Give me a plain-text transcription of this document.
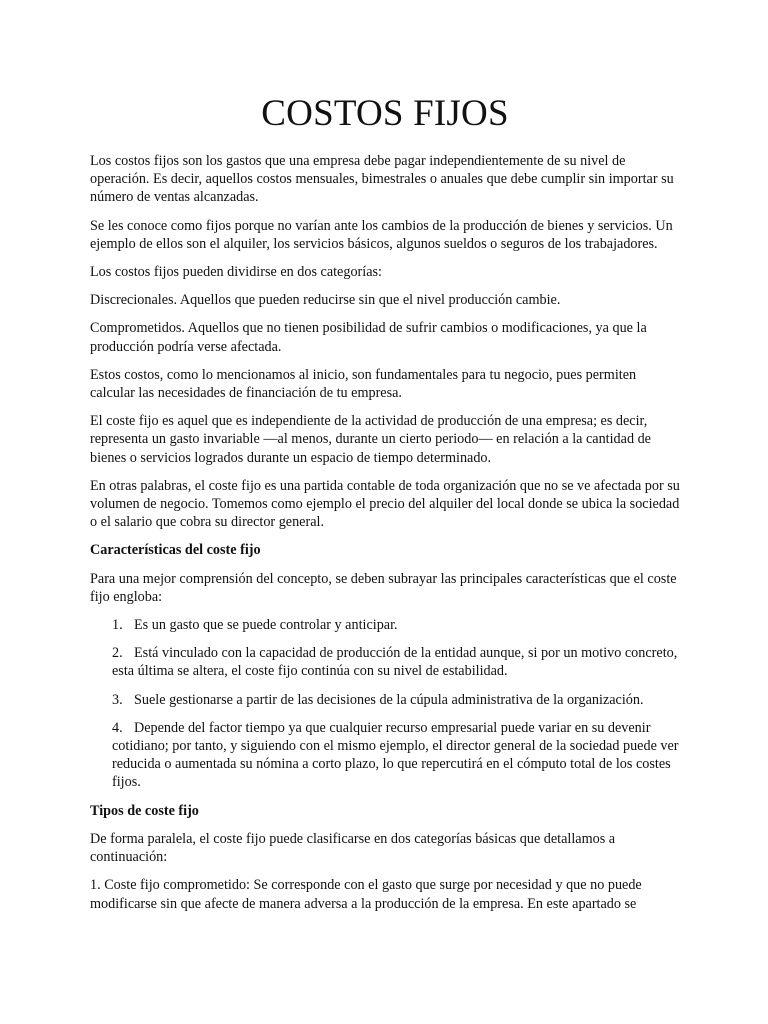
COSTOS FIJOS

Los costos fijos son los gastos que una empresa debe pagar independientemente de su nivel de operación. Es decir, aquellos costos mensuales, bimestrales o anuales que debe cumplir sin importar su número de ventas alcanzadas.

Se les conoce como fijos porque no varían ante los cambios de la producción de bienes y servicios. Un ejemplo de ellos son el alquiler, los servicios básicos, algunos sueldos o seguros de los trabajadores.

Los costos fijos pueden dividirse en dos categorías:

Discrecionales. Aquellos que pueden reducirse sin que el nivel producción cambie.

Comprometidos. Aquellos que no tienen posibilidad de sufrir cambios o modificaciones, ya que la producción podría verse afectada.

Estos costos, como lo mencionamos al inicio, son fundamentales para tu negocio, pues permiten calcular las necesidades de financiación de tu empresa.

El coste fijo es aquel que es independiente de la actividad de producción de una empresa; es decir, representa un gasto invariable —al menos, durante un cierto periodo— en relación a la cantidad de bienes o servicios logrados durante un espacio de tiempo determinado.

En otras palabras, el coste fijo es una partida contable de toda organización que no se ve afectada por su volumen de negocio. Tomemos como ejemplo el precio del alquiler del local donde se ubica la sociedad o el salario que cobra su director general.

Características del coste fijo

Para una mejor comprensión del concepto, se deben subrayar las principales características que el coste fijo engloba:

1. Es un gasto que se puede controlar y anticipar.
2. Está vinculado con la capacidad de producción de la entidad aunque, si por un motivo concreto, esta última se altera, el coste fijo continúa con su nivel de estabilidad.
3. Suele gestionarse a partir de las decisiones de la cúpula administrativa de la organización.
4. Depende del factor tiempo ya que cualquier recurso empresarial puede variar en su devenir cotidiano; por tanto, y siguiendo con el mismo ejemplo, el director general de la sociedad puede ver reducida o aumentada su nómina a corto plazo, lo que repercutirá en el cómputo total de los costes fijos.

Tipos de coste fijo

De forma paralela, el coste fijo puede clasificarse en dos categorías básicas que detallamos a continuación:

1. Coste fijo comprometido: Se corresponde con el gasto que surge por necesidad y que no puede modificarse sin que afecte de manera adversa a la producción de la empresa. En este apartado se
